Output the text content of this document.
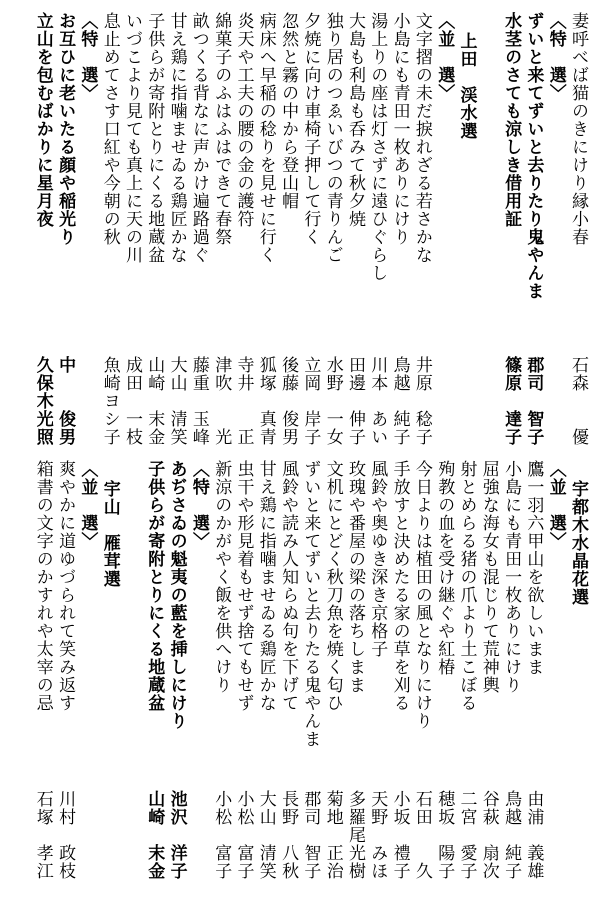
妻呼べば猫のきにけり縁小春
石森　　優
〈特　選〉
ずいと来てずいと去りたり鬼やんま
郡司　智子
水茎のさても涼しき借用証
篠原　達子
上田　渓水選
〈並　選〉
文字摺の未だ捩れざる若さかな
井原　稔子
小島にも青田一枚ありにけり
鳥越　純子
湯上りの座は灯さずに遠ひぐらし
川本　あい
大島も利島も呑みて秋夕焼
田邊　伸子
独り居のつゑいびつの青りんご
水野　一女
夕焼に向け車椅子押して行く
立岡　岸子
忽然と霧の中から登山帽
後藤　俊男
病床へ早稲の稔りを見せに行く
狐塚　真青
炎天や工夫の腰の金の護符
寺井　　正
綿菓子のふはふはできて春祭
津吹　　光
畝つくる背なに声かけ遍路過ぐ
藤重　玉峰
甘え鶏に指噛ませゐる鶏匠かな
大山　清笑
子供らが寄附とりにくる地蔵盆
山崎　末金
いづこより見ても真上に天の川
成田　一枝
息止めてさす口紅や今朝の秋
魚崎ヨシ子
〈特　選〉
お互ひに老いたる顔や稲光り
中　　俊男
立山を包むばかりに星月夜
久保木光照
宇都木水晶花選
〈並　選〉
鷹一羽六甲山を欲しいまま
由浦　義雄
小島にも青田一枚ありにけり
鳥越　純子
屈強な海女も混じりて荒神輿
谷萩　扇次
射とめらる猪の爪より土こぼる
二宮　愛子
殉教の血を受け継ぐや紅椿
穂坂　陽子
今日よりは植田の風となりにけり
石田　　久
手放すと決めたる家の草を刈る
小坂　禮子
風鈴や奥ゆき深き京格子
天野　みほ
玫瑰や番屋の梁の落ちしまま
多羅尾光樹
文机にとどく秋刀魚を焼く匂ひ
菊地　正治
ずいと来てずいと去りたる鬼やんま
郡司　智子
風鈴や読み人知らぬ句を下げて
長野　八秋
甘え鶏に指噛ませゐる鶏匠かな
大山　清笑
虫干や形見着もせず捨てもせず
小松　富子
新涼のかがやく飯を供へけり
小松　富子
〈特　選〉
あぢさゐの魁夷の藍を挿しにけり
池沢　洋子
子供らが寄附とりにくる地蔵盆
山崎　末金
宇山　雁茸選
〈並　選〉
爽やかに道ゆづられて笑み返す
川村　政枝
箱書の文字のかすれや太宰の忌
石塚　孝江
